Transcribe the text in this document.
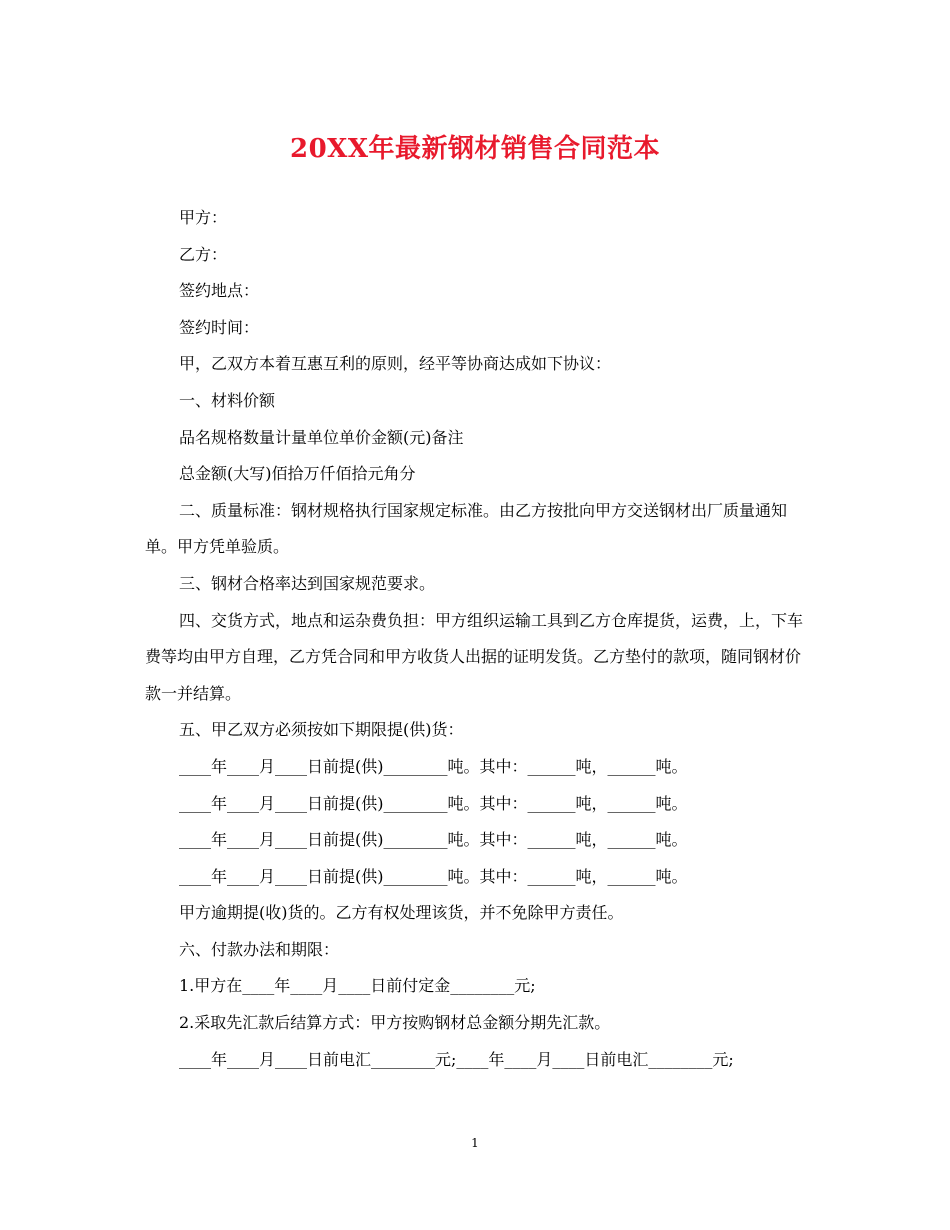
20XX年最新钢材销售合同范本

甲方：

乙方：

签约地点：

签约时间：

甲，乙双方本着互惠互利的原则，经平等协商达成如下协议：

一、材料价额

品名规格数量计量单位单价金额(元)备注

总金额(大写)佰拾万仟佰拾元角分

二、质量标准：钢材规格执行国家规定标准。由乙方按批向甲方交送钢材出厂质量通知单。甲方凭单验质。

三、钢材合格率达到国家规范要求。

四、交货方式，地点和运杂费负担：甲方组织运输工具到乙方仓库提货，运费，上，下车费等均由甲方自理，乙方凭合同和甲方收货人出据的证明发货。乙方垫付的款项，随同钢材价款一并结算。

五、甲乙双方必须按如下期限提(供)货：

____年____月____日前提(供)________吨。其中：______吨，______吨。

____年____月____日前提(供)________吨。其中：______吨，______吨。

____年____月____日前提(供)________吨。其中：______吨，______吨。

____年____月____日前提(供)________吨。其中：______吨，______吨。

甲方逾期提(收)货的。乙方有权处理该货，并不免除甲方责任。

六、付款办法和期限：

1.甲方在____年____月____日前付定金________元;

2.采取先汇款后结算方式：甲方按购钢材总金额分期先汇款。

____年____月____日前电汇________元;____年____月____日前电汇________元;

1
